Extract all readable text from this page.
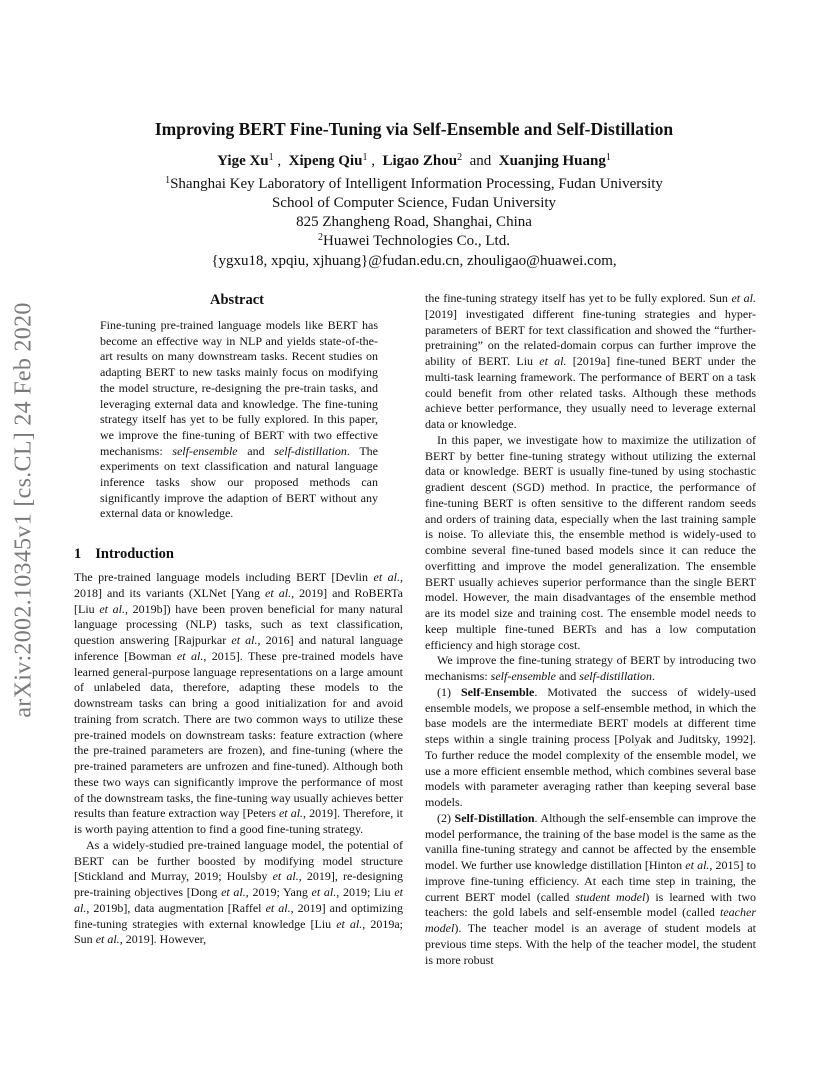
Improving BERT Fine-Tuning via Self-Ensemble and Self-Distillation
Yige Xu$^1$ ,  Xipeng Qiu$^1$ ,  Ligao Zhou$^2$ and Xuanjing Huang$^1$
$^1$Shanghai Key Laboratory of Intelligent Information Processing, Fudan University
School of Computer Science, Fudan University
825 Zhangheng Road, Shanghai, China
$^2$Huawei Technologies Co., Ltd.
{ygxu18, xpqiu, xjhuang}@fudan.edu.cn, zhouligao@huawei.com,
arXiv:2002.10345v1 [cs.CL] 24 Feb 2020
Abstract
Fine-tuning pre-trained language models like BERT has become an effective way in NLP and yields state-of-the-art results on many downstream tasks. Recent studies on adapting BERT to new tasks mainly focus on modifying the model structure, re-designing the pre-train tasks, and leveraging external data and knowledge. The fine-tuning strategy itself has yet to be fully explored. In this paper, we improve the fine-tuning of BERT with two effective mechanisms: self-ensemble and self-distillation. The experiments on text classification and natural language inference tasks show our proposed methods can significantly improve the adaption of BERT without any external data or knowledge.
1 Introduction

The pre-trained language models including BERT [Devlin et al., 2018] and its variants (XLNet [Yang et al., 2019] and RoBERTa [Liu et al., 2019b]) have been proven beneficial for many natural language processing (NLP) tasks, such as text classification, question answering [Rajpurkar et al., 2016] and natural language inference [Bowman et al., 2015]. These pre-trained models have learned general-purpose language representations on a large amount of unlabeled data, therefore, adapting these models to the downstream tasks can bring a good initialization for and avoid training from scratch. There are two common ways to utilize these pre-trained models on downstream tasks: feature extraction (where the pre-trained parameters are frozen), and fine-tuning (where the pre-trained parameters are unfrozen and fine-tuned). Although both these two ways can significantly improve the performance of most of the downstream tasks, the fine-tuning way usually achieves better results than feature extraction way [Peters et al., 2019]. Therefore, it is worth paying attention to find a good fine-tuning strategy.

As a widely-studied pre-trained language model, the potential of BERT can be further boosted by modifying model structure [Stickland and Murray, 2019; Houlsby et al., 2019], re-designing pre-training objectives [Dong et al., 2019; Yang et al., 2019; Liu et al., 2019b], data augmentation [Raffel et al., 2019] and optimizing fine-tuning strategies with external knowledge [Liu et al., 2019a; Sun et al., 2019]. However,

the fine-tuning strategy itself has yet to be fully explored. Sun et al. [2019] investigated different fine-tuning strategies and hyper-parameters of BERT for text classification and showed the “further-pretraining” on the related-domain corpus can further improve the ability of BERT. Liu et al. [2019a] fine-tuned BERT under the multi-task learning framework. The performance of BERT on a task could benefit from other related tasks. Although these methods achieve better performance, they usually need to leverage external data or knowledge.

In this paper, we investigate how to maximize the utilization of BERT by better fine-tuning strategy without utilizing the external data or knowledge. BERT is usually fine-tuned by using stochastic gradient descent (SGD) method. In practice, the performance of fine-tuning BERT is often sensitive to the different random seeds and orders of training data, especially when the last training sample is noise. To alleviate this, the ensemble method is widely-used to combine several fine-tuned based models since it can reduce the overfitting and improve the model generalization. The ensemble BERT usually achieves superior performance than the single BERT model. However, the main disadvantages of the ensemble method are its model size and training cost. The ensemble model needs to keep multiple fine-tuned BERTs and has a low computation efficiency and high storage cost.

We improve the fine-tuning strategy of BERT by introducing two mechanisms: self-ensemble and self-distillation.

(1) Self-Ensemble. Motivated the success of widely-used ensemble models, we propose a self-ensemble method, in which the base models are the intermediate BERT models at different time steps within a single training process [Polyak and Juditsky, 1992]. To further reduce the model complexity of the ensemble model, we use a more efficient ensemble method, which combines several base models with parameter averaging rather than keeping several base models.

(2) Self-Distillation. Although the self-ensemble can improve the model performance, the training of the base model is the same as the vanilla fine-tuning strategy and cannot be affected by the ensemble model. We further use knowledge distillation [Hinton et al., 2015] to improve fine-tuning efficiency. At each time step in training, the current BERT model (called student model) is learned with two teachers: the gold labels and self-ensemble model (called teacher model). The teacher model is an average of student models at previous time steps. With the help of the teacher model, the student is more robust
